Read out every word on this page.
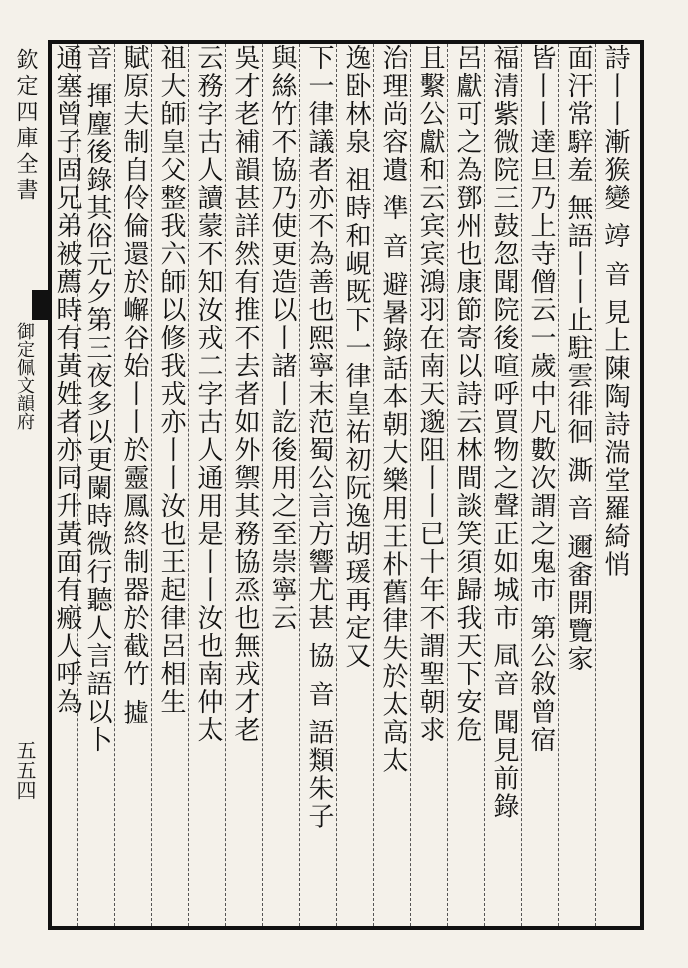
欽定四庫全書
御定佩文韻府
五五四
詩丨丨漸㺅變 𥪜 音 見上陳陶詩湍堂羅綺悄
面汗常騂羞 無語丨丨止駐雲徘徊 澌 音 邇畬開覽家
皆丨丨達旦乃上寺僧云一歲中凡數次謂之鬼市 第公敘曾宿
福清紫微院三鼓忽聞院後喧呼買物之聲正如城市 凬音 聞見前錄
呂獻可之為鄧州也康節寄以詩云林間談笑須歸我天下安危
且繫公獻和云宾宾鴻羽在南天邈阻丨丨已十年不謂聖朝求
治理尚容遺 凖 音 避暑錄話本朝大樂用王朴舊律失於太高太
逸卧林泉 祖時和峴既下一律皇祐初阮逸胡瑗再定又
下一律議者亦不為善也熙寧末范蜀公言方響尤甚 協 音 語類朱子
與絲竹不協乃使更造以丨諸丨訖後用之至崇寧云
吳才老補韻甚詳然有推不去者如外禦其務協烝也無戎才老
云務字古人讀蒙不知汝戎二字古人通用是丨丨汝也南仲太
祖大師皇父整我六師以修我戎亦丨丨汝也王起律呂相生
賦原夫制自伶倫還於嶰谷始丨丨於靈鳳終制器於截竹 𢴮
音 揮麈後錄其俗元夕第三夜多以更闌時微行聽人言語以卜
通塞曾子固兄弟被薦時有黃姓者亦同升黃面有瘢人呼為
